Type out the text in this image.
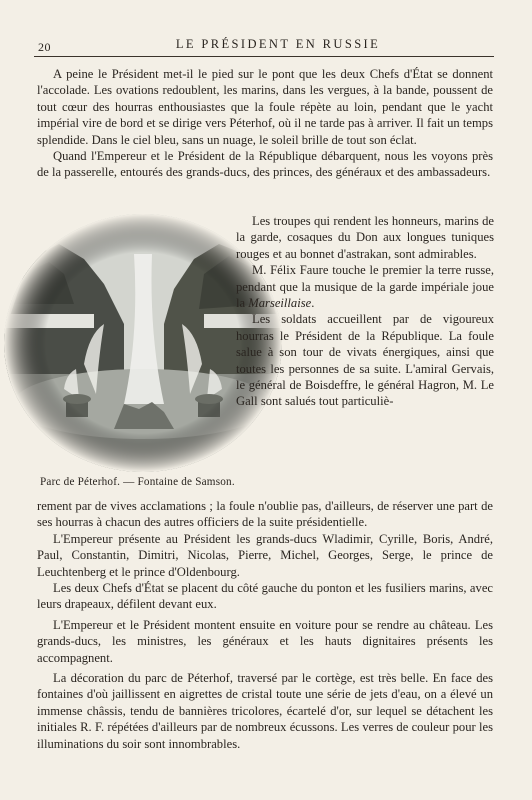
20	LE PRÉSIDENT EN RUSSIE

A peine le Président met-il le pied sur le pont que les deux Chefs d'État se donnent l'accolade. Les ovations redoublent, les marins, dans les vergues, à la bande, poussent de tout cœur des hourras enthousiastes que la foule répète au loin, pendant que le yacht impérial vire de bord et se dirige vers Péterhof, où il ne tarde pas à arriver. Il fait un temps splendide. Dans le ciel bleu, sans un nuage, le soleil brille de tout son éclat.

Quand l'Empereur et le Président de la République débarquent, nous les voyons près de la passerelle, entourés des grands-ducs, des princes, des généraux et des ambassadeurs.

Parc de Péterhof. — Fontaine de Samson.

Les troupes qui rendent les honneurs, marins de la garde, cosaques du Don aux longues tuniques rouges et au bonnet d'astrakan, sont admirables.

M. Félix Faure touche le premier la terre russe, pendant que la musique de la garde impériale joue la Marseillaise.

Les soldats accueillent par de vigoureux hourras le Président de la République. La foule salue à son tour de vivats énergiques, ainsi que toutes les personnes de sa suite. L'amiral Gervais, le général de Boisdeffre, le général Hagron, M. Le Gall sont salués tout particuliè-

rement par de vives acclamations ; la foule n'oublie pas, d'ailleurs, de réserver une part de ses hourras à chacun des autres officiers de la suite présidentielle.

L'Empereur présente au Président les grands-ducs Wladimir, Cyrille, Boris, André, Paul, Constantin, Dimitri, Nicolas, Pierre, Michel, Georges, Serge, le prince de Leuchtenberg et le prince d'Oldenbourg.

Les deux Chefs d'État se placent du côté gauche du ponton et les fusiliers marins, avec leurs drapeaux, défilent devant eux.

L'Empereur et le Président montent ensuite en voiture pour se rendre au château. Les grands-ducs, les ministres, les généraux et les hauts dignitaires présents les accompagnent.

La décoration du parc de Péterhof, traversé par le cortège, est très belle. En face des fontaines d'où jaillissent en aigrettes de cristal toute une série de jets d'eau, on a élevé un immense châssis, tendu de bannières tricolores, écartelé d'or, sur lequel se détachent les initiales R. F. répétées d'ailleurs par de nombreux écussons. Les verres de couleur pour les illuminations du soir sont innombrables.
